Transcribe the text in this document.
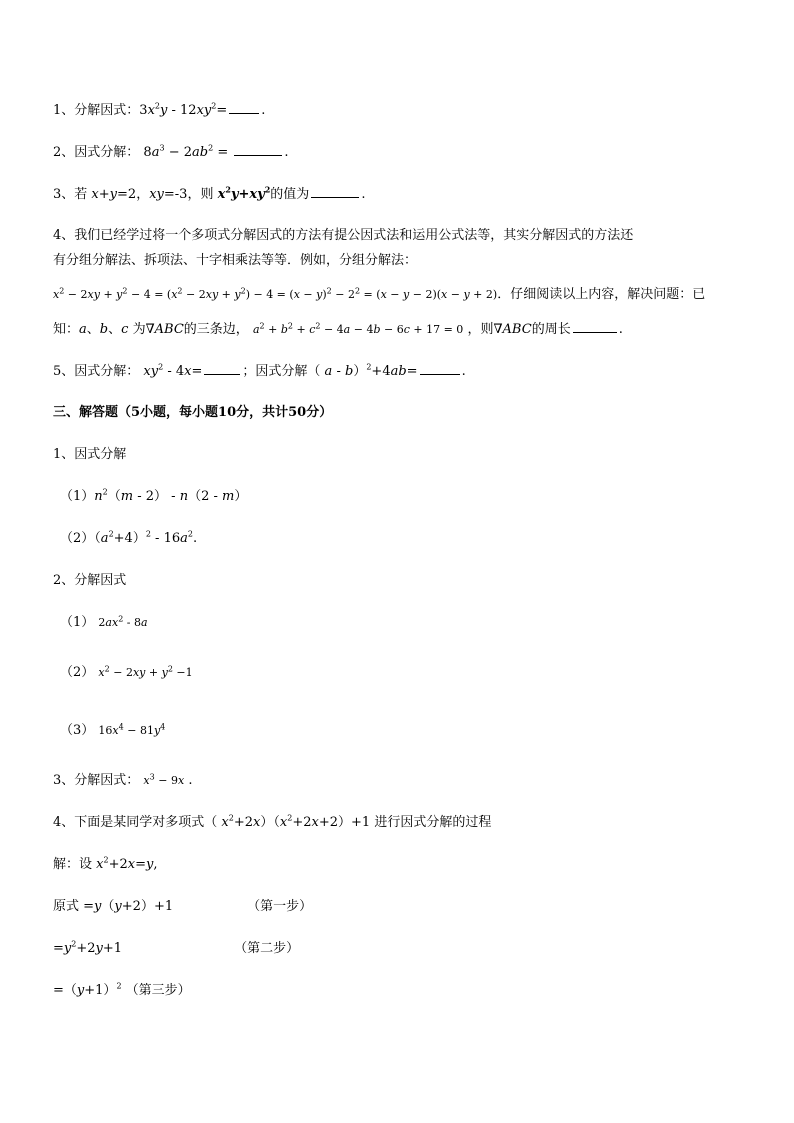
1、分解因式：$3x^2y - 12xy^2=$	.
2、因式分解： $8a^3 - 2ab^2$ =	.
3、若 x+y=2，xy=-3，则 $x^2y+xy^2$的值为	.
4、我们已经学过将一个多项式分解因式的方法有提公因式法和运用公式法等，其实分解因式的方法还
有分组分解法、拆项法、十字相乘法等等．例如，分组分解法：
$x^2 - 2xy + y^2 - 4 = (x^2 - 2xy + y^2) - 4 = (x - y)^2 - 2^2 = (x - y - 2)(x - y + 2)$．仔细阅读以上内容，解决问题：已
知：a、b、c 为∇ABC的三条边， $a^2 + b^2 + c^2 - 4a - 4b - 6c + 17 = 0$ ，则∇ABC的周长	.
5、因式分解： $xy^2 - 4x=$	；因式分解（ a - b）$^2$+4ab=	.
三、解答题（5小题，每小题10分，共计50分）
1、因式分解
$(1)n^2(m - 2) - n(2 - m)$
$(2)(a^2+4)^2 - 16a^2$.
2、分解因式
（1） $2ax^2 - 8a$
（2） $x^2 - 2xy + y^2 -1$
（3） $16x^4 - 81y^4$
3、分解因式： $x^3 - 9x$ .
4、下面是某同学对多项式（ $x^2+2x)(x^2+2x+2)+1$ 进行因式分解的过程
解：设 $x^2+2x=y$,
原式 =y（y+2）+1	（第一步）
$=y^2+2y+1$	（第二步）
$=(y+1)^2$ （第三步）
